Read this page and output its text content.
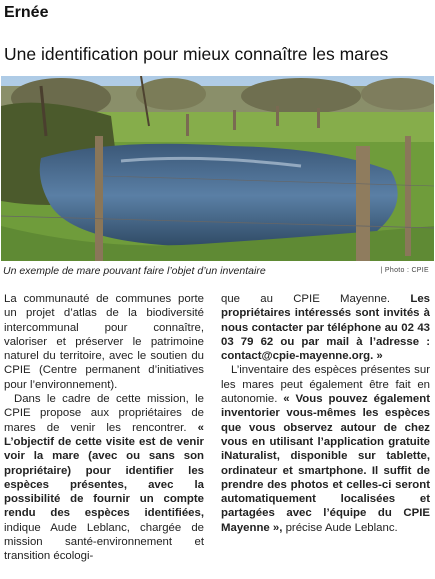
Ernée
Une identification pour mieux connaître les mares
Un exemple de mare pouvant faire l’objet d’un inventaire	| Photo : CPIE

La communauté de communes porte un projet d’atlas de la biodiversité intercommunal pour connaître, valoriser et préserver le patrimoine naturel du territoire, avec le soutien du CPIE (Centre permanent d’initiatives pour l’environnement).

Dans le cadre de cette mission, le CPIE propose aux propriétaires de mares de venir les rencontrer. « L’objectif de cette visite est de venir voir la mare (avec ou sans son propriétaire) pour identifier les espèces présentes, avec la possibilité de fournir un compte rendu des espèces identifiées, indique Aude Leblanc, chargée de mission santé-environnement et transition écologi-

que au CPIE Mayenne. Les propriétaires intéressés sont invités à nous contacter par téléphone au 02 43 03 79 62 ou par mail à l’adresse : contact@cpie-mayenne.org. »

L’inventaire des espèces présentes sur les mares peut également être fait en autonomie. « Vous pouvez également inventorier vous-mêmes les espèces que vous observez autour de chez vous en utilisant l’application gratuite iNaturalist, disponible sur tablette, ordinateur et smartphone. Il suffit de prendre des photos et celles-ci seront automatiquement localisées et partagées avec l’équipe du CPIE Mayenne », précise Aude Leblanc.
